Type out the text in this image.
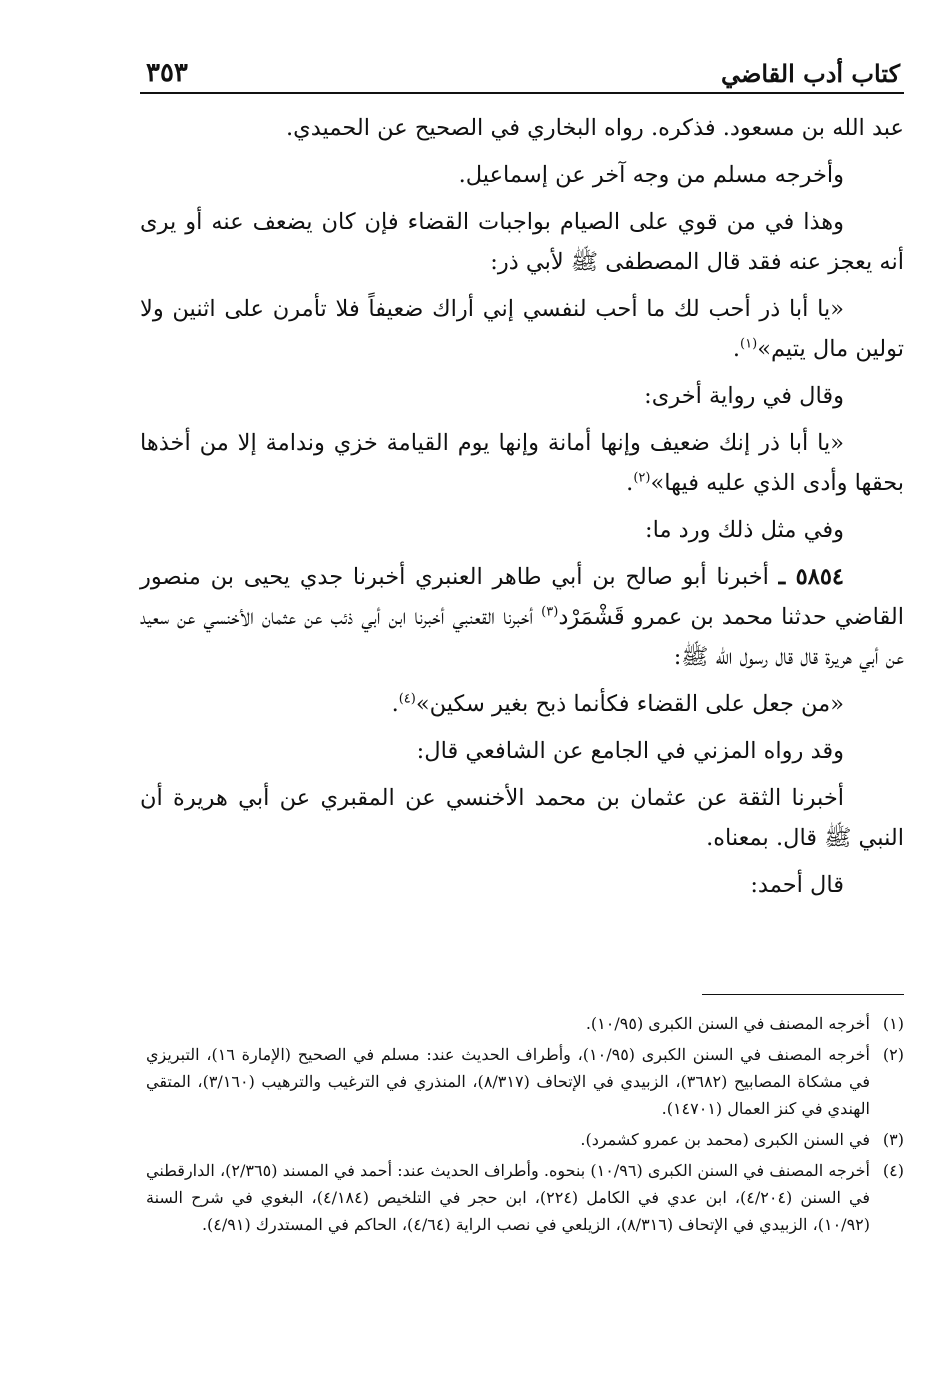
كتاب أدب القاضي
٣٥٣

عبد الله بن مسعود. فذكره. رواه البخاري في الصحيح عن الحميدي.

وأخرجه مسلم من وجه آخر عن إسماعيل.

وهذا في من قوي على الصيام بواجبات القضاء فإن كان يضعف عنه أو يرى أنه يعجز عنه فقد قال المصطفى ﷺ لأبي ذر:

«يا أبا ذر أحب لك ما أحب لنفسي إني أراك ضعيفاً فلا تأمرن على اثنين ولا تولين مال يتيم»$^{(١)}$.

وقال في رواية أخرى:

«يا أبا ذر إنك ضعيف وإنها أمانة وإنها يوم القيامة خزي وندامة إلا من أخذها بحقها وأدى الذي عليه فيها»$^{(٢)}$.

وفي مثل ذلك ورد ما:

٥٨٥٤ ـ أخبرنا أبو صالح بن أبي طاهر العنبري أخبرنا جدي يحيى بن منصور القاضي حدثنا محمد بن عمرو قَشْمَرْد$^{(٣)}$ أخبرنا القعنبي أخبرنا ابن أبي ذئب عن عثمان الأخنسي عن سعيد عن أبي هريرة قال قال رسول الله ﷺ:

«من جعل على القضاء فكأنما ذبح بغير سكين»$^{(٤)}$.

وقد رواه المزني في الجامع عن الشافعي قال:

أخبرنا الثقة عن عثمان بن محمد الأخنسي عن المقبري عن أبي هريرة أن النبي ﷺ قال. بمعناه.

قال أحمد:

(١)
أخرجه المصنف في السنن الكبرى (١٠/٩٥).
(٢)
أخرجه المصنف في السنن الكبرى (١٠/٩٥)، وأطراف الحديث عند: مسلم في الصحيح (الإمارة ١٦)، التبريزي في مشكاة المصابيح (٣٦٨٢)، الزبيدي في الإتحاف (٨/٣١٧)، المنذري في الترغيب والترهيب (٣/١٦٠)، المتقي الهندي في كنز العمال (١٤٧٠١).
(٣)
في السنن الكبرى (محمد بن عمرو كشمرد).
(٤)
أخرجه المصنف في السنن الكبرى (١٠/٩٦) بنحوه. وأطراف الحديث عند: أحمد في المسند (٢/٣٦٥)، الدارقطني في السنن (٤/٢٠٤)، ابن عدي في الكامل (٢٢٤)، ابن حجر في التلخيص (٤/١٨٤)، البغوي في شرح السنة (١٠/٩٢)، الزبيدي في الإتحاف (٨/٣١٦)، الزيلعي في نصب الراية (٤/٦٤)، الحاكم في المستدرك (٤/٩١).
